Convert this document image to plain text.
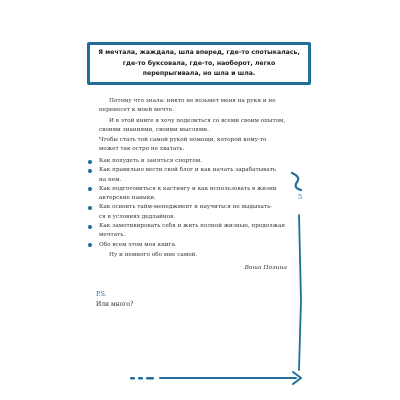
Я мечтала, жаждала, шла вперед, где-то спотыкалась,
где-то буксовала, где-то, наоборот, легко
перепрыгивала, но шла и шла.

Потому что знала: никто не возьмет меня на руки и не
перенесет к моей мечте.

И в этой книге я хочу поделиться со всеми своим опытом,
своими знаниями, своими мыслями.
Чтобы стать той самой рукой помощи, которой кому-то
может так остро не хватать.

Как похудеть и заняться спортом.
Как правильно вести свой блог и как начать зарабатывать
на нем.
Как подготовиться к кастингу и как использовать в жизни
актерские навыки.
Как освоить тайм-менеджмент и научиться не выдыхать-
ся в условиях дедлайнов.
Как замотивировать себя и жить полной жизнью, продолжая
мечтать.
Обо всем этом моя книга.

Ну и немного обо мне самой.

Ваша Полина
P.S.
Или много?
5
